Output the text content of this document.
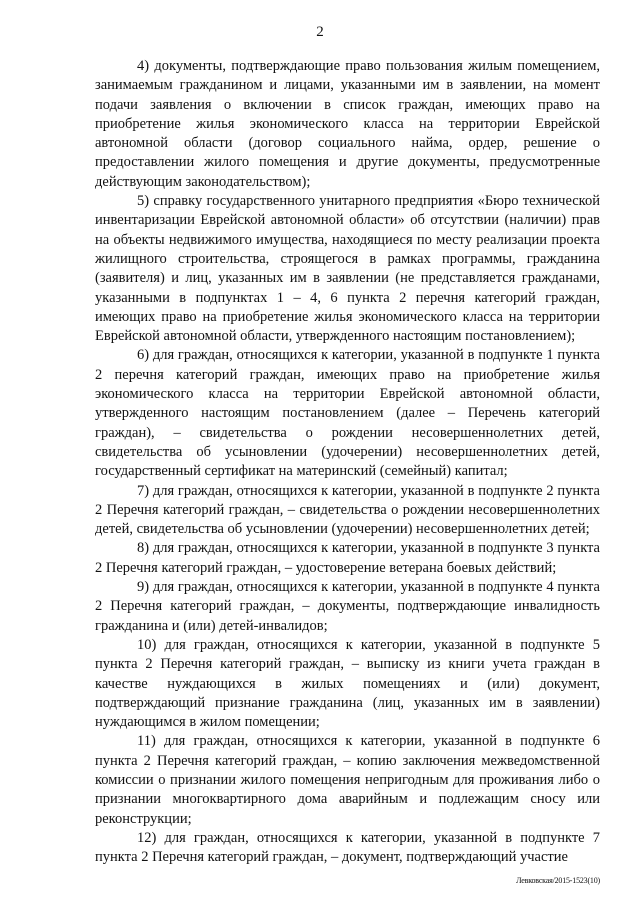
2

4) документы, подтверждающие право пользования жилым помещением, занимаемым гражданином и лицами, указанными им в заявлении, на момент подачи заявления о включении в список граждан, имеющих право на приобретение жилья экономического класса на территории Еврейской автономной области (договор социального найма, ордер, решение о предоставлении жилого помещения и другие документы, предусмотренные действующим законодательством);

5) справку государственного унитарного предприятия «Бюро технической инвентаризации Еврейской автономной области» об отсутствии (наличии) прав на объекты недвижимого имущества, находящиеся по месту реализации проекта жилищного строительства, строящегося в рамках программы, гражданина (заявителя) и лиц, указанных им в заявлении (не представляется гражданами, указанными в подпунктах 1 – 4, 6 пункта 2 перечня категорий граждан, имеющих право на приобретение жилья экономического класса на территории Еврейской автономной области, утвержденного настоящим постановлением);

6) для граждан, относящихся к категории, указанной в подпункте 1 пункта 2 перечня категорий граждан, имеющих право на приобретение жилья экономического класса на территории Еврейской автономной области, утвержденного настоящим постановлением (далее – Перечень категорий граждан), – свидетельства о рождении несовершеннолетних детей, свидетельства об усыновлении (удочерении) несовершеннолетних детей, государственный сертификат на материнский (семейный) капитал;

7) для граждан, относящихся к категории, указанной в подпункте 2 пункта 2 Перечня категорий граждан, – свидетельства о рождении несовершеннолетних детей, свидетельства об усыновлении (удочерении) несовершеннолетних детей;

8) для граждан, относящихся к категории, указанной в подпункте 3 пункта 2 Перечня категорий граждан, – удостоверение ветерана боевых действий;

9) для граждан, относящихся к категории, указанной в подпункте 4 пункта 2 Перечня категорий граждан, – документы, подтверждающие инвалидность гражданина и (или) детей-инвалидов;

10) для граждан, относящихся к категории, указанной в подпункте 5 пункта 2 Перечня категорий граждан, – выписку из книги учета граждан в качестве нуждающихся в жилых помещениях и (или) документ, подтверждающий признание гражданина (лиц, указанных им в заявлении) нуждающимся в жилом помещении;

11) для граждан, относящихся к категории, указанной в подпункте 6 пункта 2 Перечня категорий граждан, – копию заключения межведомственной комиссии о признании жилого помещения непригодным для проживания либо о признании многоквартирного дома аварийным и подлежащим сносу или реконструкции;

12) для граждан, относящихся к категории, указанной в подпункте 7 пункта 2 Перечня категорий граждан, – документ, подтверждающий участие

Левковская/2015-1523(10)
